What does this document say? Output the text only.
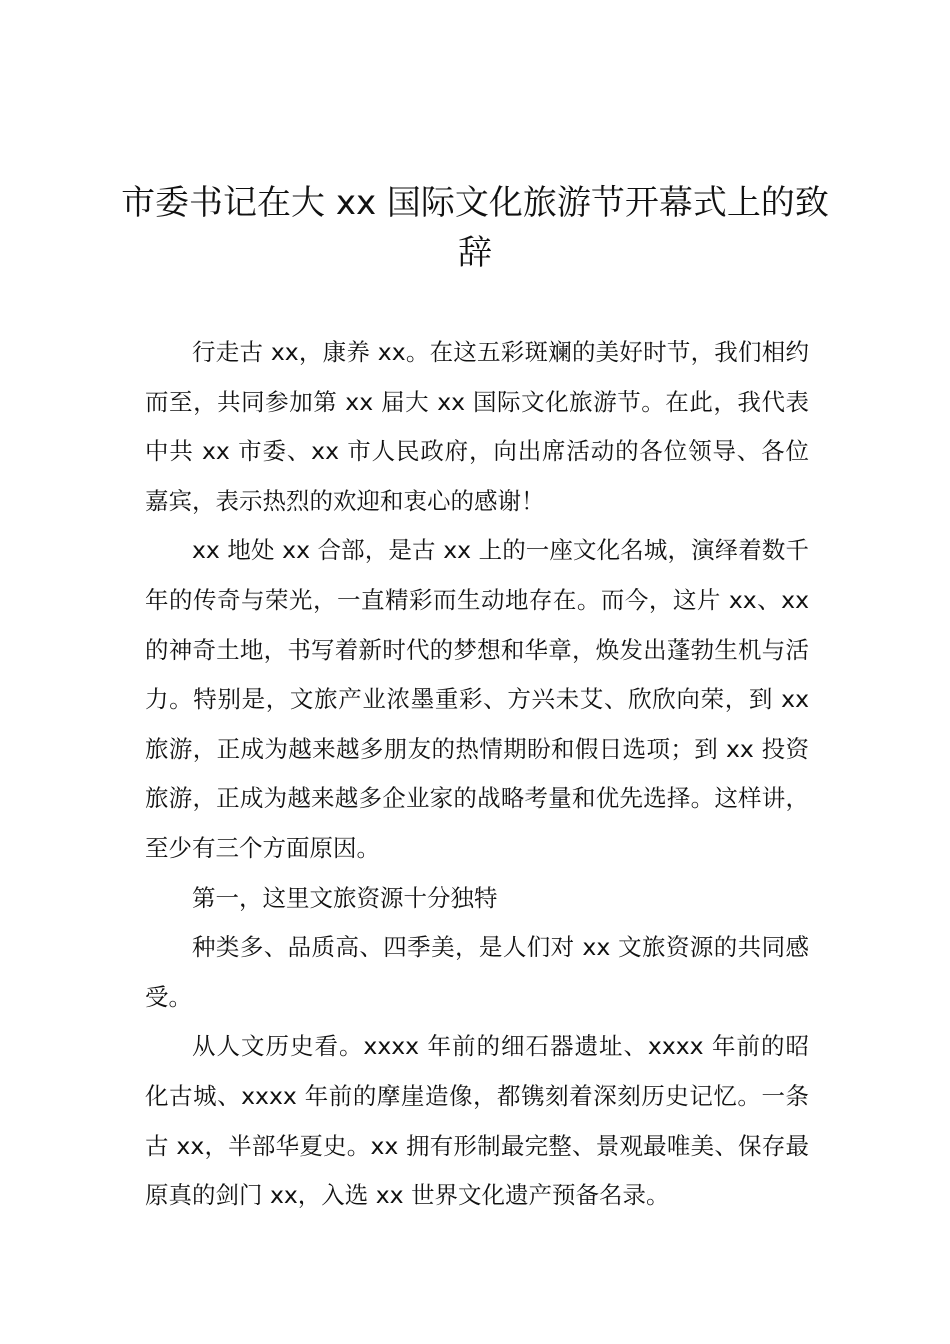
市委书记在大 xx 国际文化旅游节开幕式上的致辞

行走古 xx，康养 xx。在这五彩斑斓的美好时节，我们相约而至，共同参加第 xx 届大 xx 国际文化旅游节。在此，我代表中共 xx 市委、xx 市人民政府，向出席活动的各位领导、各位嘉宾，表示热烈的欢迎和衷心的感谢！

xx 地处 xx 合部，是古 xx 上的一座文化名城，演绎着数千年的传奇与荣光，一直精彩而生动地存在。而今，这片 xx、xx 的神奇土地，书写着新时代的梦想和华章，焕发出蓬勃生机与活力。特别是，文旅产业浓墨重彩、方兴未艾、欣欣向荣，到 xx 旅游，正成为越来越多朋友的热情期盼和假日选项；到 xx 投资旅游，正成为越来越多企业家的战略考量和优先选择。这样讲，至少有三个方面原因。

第一，这里文旅资源十分独特

种类多、品质高、四季美，是人们对 xx 文旅资源的共同感受。

从人文历史看。xxxx 年前的细石器遗址、xxxx 年前的昭化古城、xxxx 年前的摩崖造像，都镌刻着深刻历史记忆。一条古 xx，半部华夏史。xx 拥有形制最完整、景观最唯美、保存最原真的剑门 xx，入选 xx 世界文化遗产预备名录。
